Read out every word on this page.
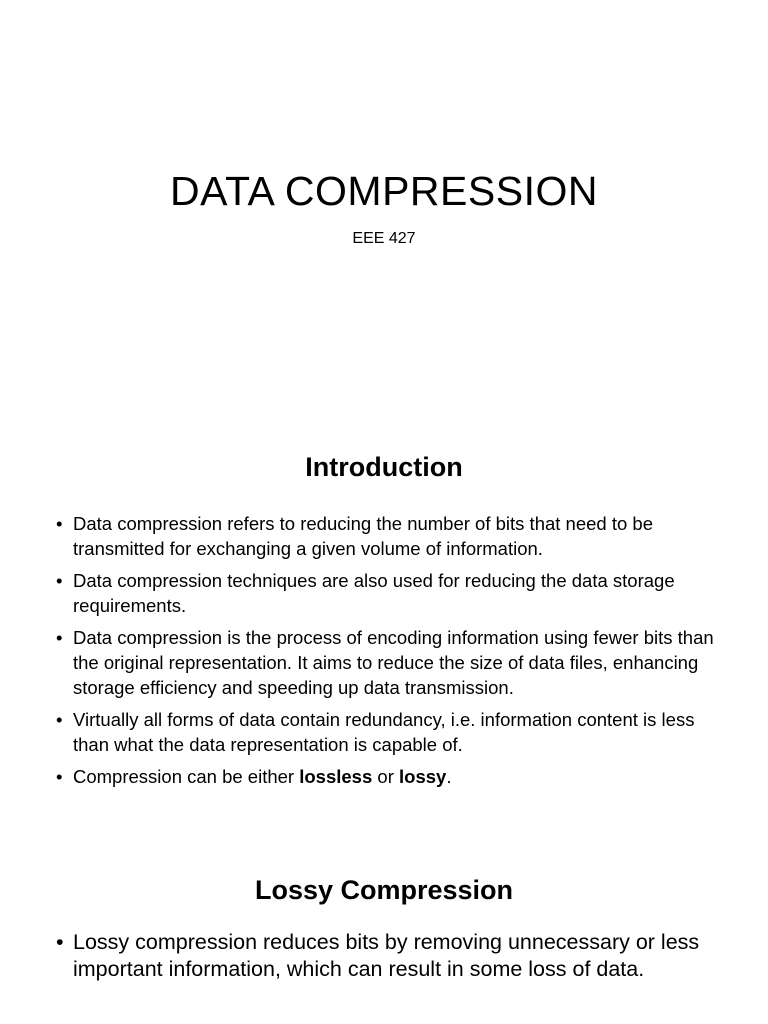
DATA COMPRESSION
EEE 427
Introduction
• Data compression refers to reducing the number of bits that need to be transmitted for exchanging a given volume of information.
• Data compression techniques are also used for reducing the data storage requirements.
• Data compression is the process of encoding information using fewer bits than the original representation. It aims to reduce the size of data files, enhancing storage efficiency and speeding up data transmission.
• Virtually all forms of data contain redundancy, i.e. information content is less than what the data representation is capable of.
• Compression can be either lossless or lossy.
Lossy Compression
• Lossy compression reduces bits by removing unnecessary or less important information, which can result in some loss of data.
